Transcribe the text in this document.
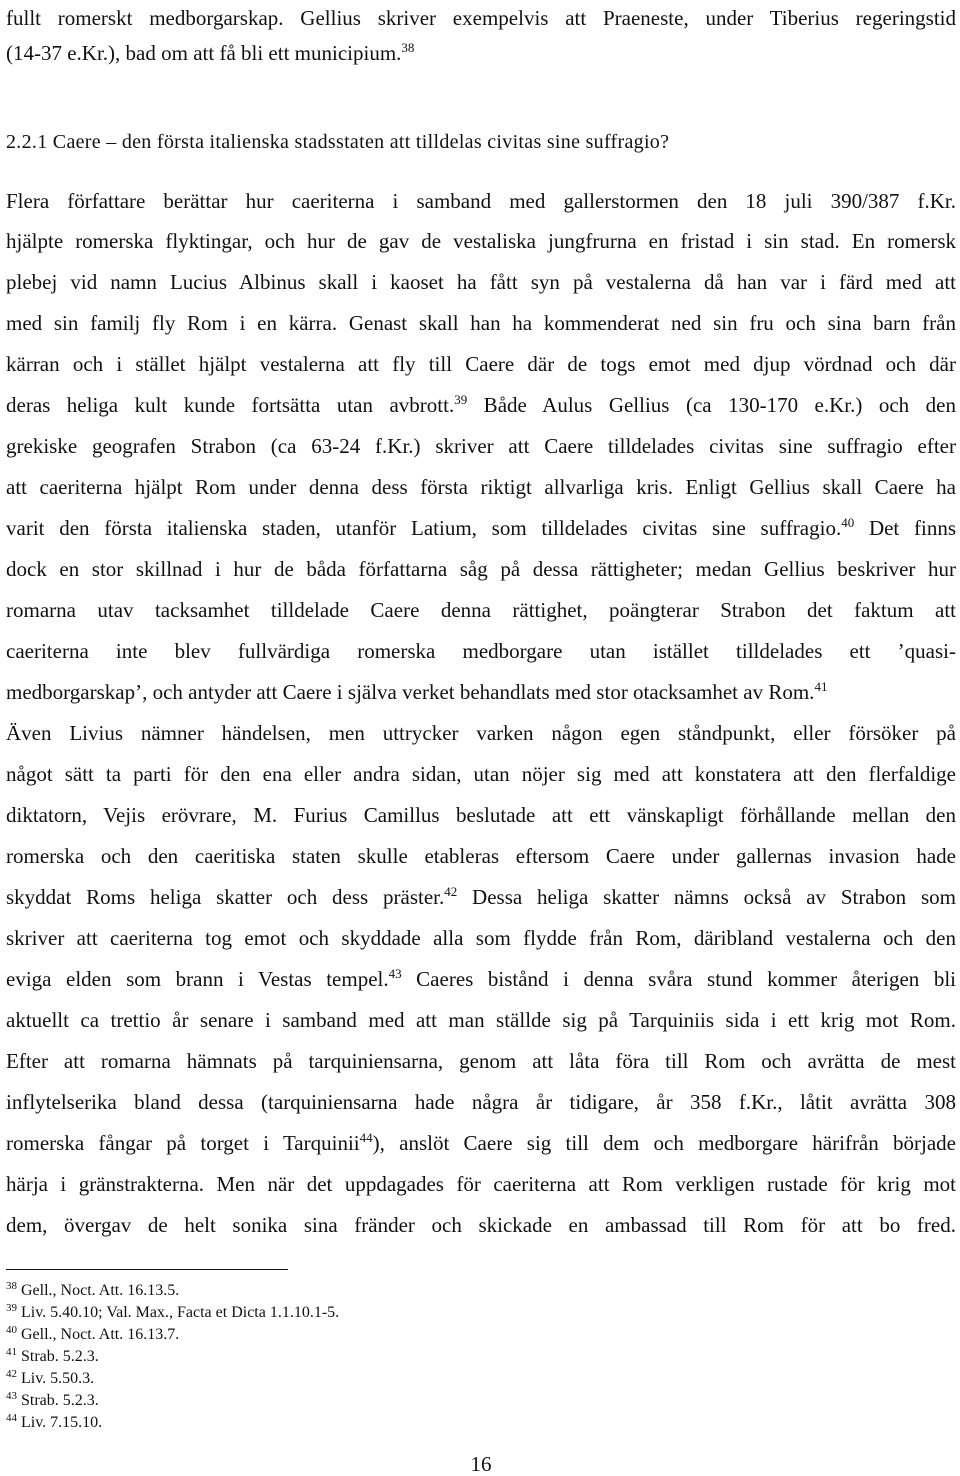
fullt romerskt medborgarskap. Gellius skriver exempelvis att Praeneste, under Tiberius regeringstid
(14-37 e.Kr.), bad om att få bli ett municipium.$^{38}$
2.2.1 Caere – den första italienska stadsstaten att tilldelas civitas sine suffragio?
Flera författare berättar hur caeriterna i samband med gallerstormen den 18 juli 390/387 f.Kr.
hjälpte romerska flyktingar, och hur de gav de vestaliska jungfrurna en fristad i sin stad. En romersk
plebej vid namn Lucius Albinus skall i kaoset ha fått syn på vestalerna då han var i färd med att
med sin familj fly Rom i en kärra. Genast skall han ha kommenderat ned sin fru och sina barn från
kärran och i stället hjälpt vestalerna att fly till Caere där de togs emot med djup vördnad och där
deras heliga kult kunde fortsätta utan avbrott.$^{39}$ Både Aulus Gellius (ca 130-170 e.Kr.) och den
grekiske geografen Strabon (ca 63-24 f.Kr.) skriver att Caere tilldelades civitas sine suffragio efter
att caeriterna hjälpt Rom under denna dess första riktigt allvarliga kris. Enligt Gellius skall Caere ha
varit den första italienska staden, utanför Latium, som tilldelades civitas sine suffragio.$^{40}$ Det finns
dock en stor skillnad i hur de båda författarna såg på dessa rättigheter; medan Gellius beskriver hur
romarna utav tacksamhet tilldelade Caere denna rättighet, poängterar Strabon det faktum att
caeriterna inte blev fullvärdiga romerska medborgare utan istället tilldelades ett ’quasi-
medborgarskap’, och antyder att Caere i själva verket behandlats med stor otacksamhet av Rom.$^{41}$
Även Livius nämner händelsen, men uttrycker varken någon egen ståndpunkt, eller försöker på
något sätt ta parti för den ena eller andra sidan, utan nöjer sig med att konstatera att den flerfaldige
diktatorn, Vejis erövrare, M. Furius Camillus beslutade att ett vänskapligt förhållande mellan den
romerska och den caeritiska staten skulle etableras eftersom Caere under gallernas invasion hade
skyddat Roms heliga skatter och dess präster.$^{42}$ Dessa heliga skatter nämns också av Strabon som
skriver att caeriterna tog emot och skyddade alla som flydde från Rom, däribland vestalerna och den
eviga elden som brann i Vestas tempel.$^{43}$ Caeres bistånd i denna svåra stund kommer återigen bli
aktuellt ca trettio år senare i samband med att man ställde sig på Tarquiniis sida i ett krig mot Rom.
Efter att romarna hämnats på tarquiniensarna, genom att låta föra till Rom och avrätta de mest
inflytelserika bland dessa (tarquiniensarna hade några år tidigare, år 358 f.Kr., låtit avrätta 308
romerska fångar på torget i Tarquinii$^{44}$), anslöt Caere sig till dem och medborgare härifrån började
härja i gränstrakterna. Men när det uppdagades för caeriterna att Rom verkligen rustade för krig mot
dem, övergav de helt sonika sina fränder och skickade en ambassad till Rom för att bo fred.
$^{38}$ Gell., Noct. Att. 16.13.5.
$^{39}$ Liv. 5.40.10; Val. Max., Facta et Dicta 1.1.10.1-5.
$^{40}$ Gell., Noct. Att. 16.13.7.
$^{41}$ Strab. 5.2.3.
$^{42}$ Liv. 5.50.3.
$^{43}$ Strab. 5.2.3.
$^{44}$ Liv. 7.15.10.
16
